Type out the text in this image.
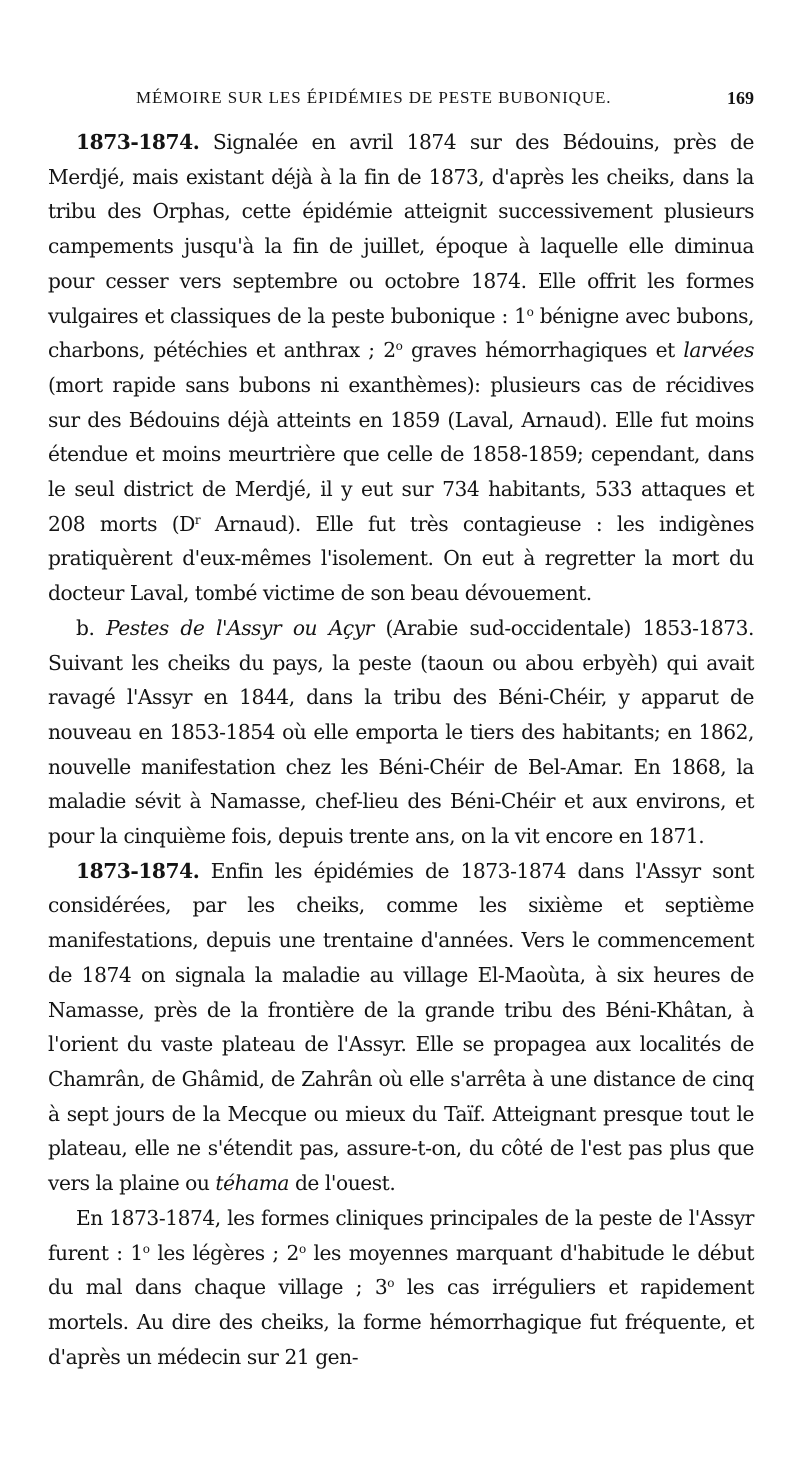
MÉMOIRE SUR LES ÉPIDÉMIES DE PESTE BUBONIQUE.	169

1873-1874. Signalée en avril 1874 sur des Bédouins, près de Merdjé, mais existant déjà à la fin de 1873, d'après les cheiks, dans la tribu des Orphas, cette épidémie atteignit successivement plusieurs campements jusqu'à la fin de juillet, époque à laquelle elle diminua pour cesser vers septembre ou octobre 1874. Elle offrit les formes vulgaires et classiques de la peste bubonique : 1$^o$ bénigne avec bubons, charbons, pétéchies et anthrax ; 2$^o$ graves hémorrhagiques et larvées (mort rapide sans bubons ni exanthèmes): plusieurs cas de récidives sur des Bédouins déjà atteints en 1859 (Laval, Arnaud). Elle fut moins étendue et moins meurtrière que celle de 1858-1859; cependant, dans le seul district de Merdjé, il y eut sur 734 habitants, 533 attaques et 208 morts ($D^r$ Arnaud). Elle fut très contagieuse : les indigènes pratiquèrent d'eux-mêmes l'isolement. On eut à regretter la mort du docteur Laval, tombé victime de son beau dévouement.

b. Pestes de l'Assyr ou Açyr (Arabie sud-occidentale) 1853-1873. Suivant les cheiks du pays, la peste (taoun ou abou erbyèh) qui avait ravagé l'Assyr en 1844, dans la tribu des Béni-Chéir, y apparut de nouveau en 1853-1854 où elle emporta le tiers des habitants; en 1862, nouvelle manifestation chez les Béni-Chéir de Bel-Amar. En 1868, la maladie sévit à Namasse, chef-lieu des Béni-Chéir et aux environs, et pour la cinquième fois, depuis trente ans, on la vit encore en 1871.

1873-1874. Enfin les épidémies de 1873-1874 dans l'Assyr sont considérées, par les cheiks, comme les sixième et septième manifestations, depuis une trentaine d'années. Vers le commencement de 1874 on signala la maladie au village El-Maoùta, à six heures de Namasse, près de la frontière de la grande tribu des Béni-Khâtan, à l'orient du vaste plateau de l'Assyr. Elle se propagea aux localités de Chamrân, de Ghâmid, de Zahrân où elle s'arrêta à une distance de cinq à sept jours de la Mecque ou mieux du Taïf. Atteignant presque tout le plateau, elle ne s'étendit pas, assure-t-on, du côté de l'est pas plus que vers la plaine ou téhama de l'ouest.

En 1873-1874, les formes cliniques principales de la peste de l'Assyr furent : 1$^o$ les légères ; 2$^o$ les moyennes marquant d'habitude le début du mal dans chaque village ; 3$^o$ les cas irréguliers et rapidement mortels. Au dire des cheiks, la forme hémorrhagique fut fréquente, et d'après un médecin sur 21 gen-
